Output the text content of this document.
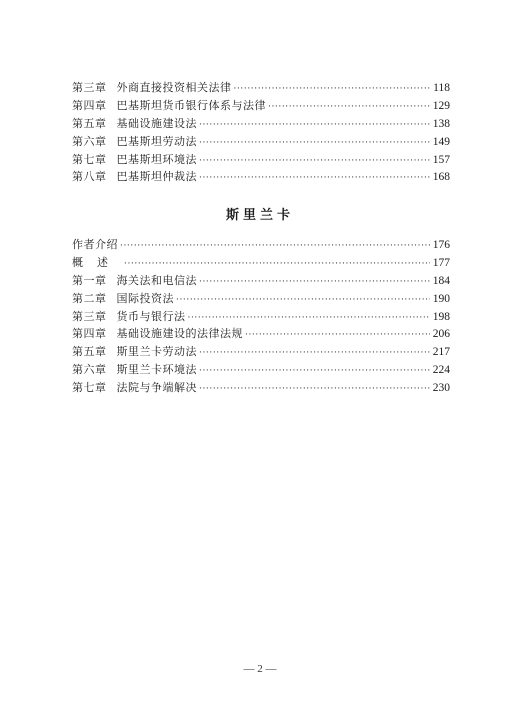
第三章 外商直接投资相关法律 ·····	118
第四章 巴基斯坦货币银行体系与法律 ·····	129
第五章 基础设施建设法 ·····	138
第六章 巴基斯坦劳动法 ·····	149
第七章 巴基斯坦环境法 ·····	157
第八章 巴基斯坦仲裁法 ·····	168
斯里兰卡
作者介绍 ·····	176
概述 ·····	177
第一章 海关法和电信法 ·····	184
第二章 国际投资法 ·····	190
第三章 货币与银行法 ·····	198
第四章 基础设施建设的法律法规 ·····	206
第五章 斯里兰卡劳动法 ·····	217
第六章 斯里兰卡环境法 ·····	224
第七章 法院与争端解决 ·····	230
— 2 —
